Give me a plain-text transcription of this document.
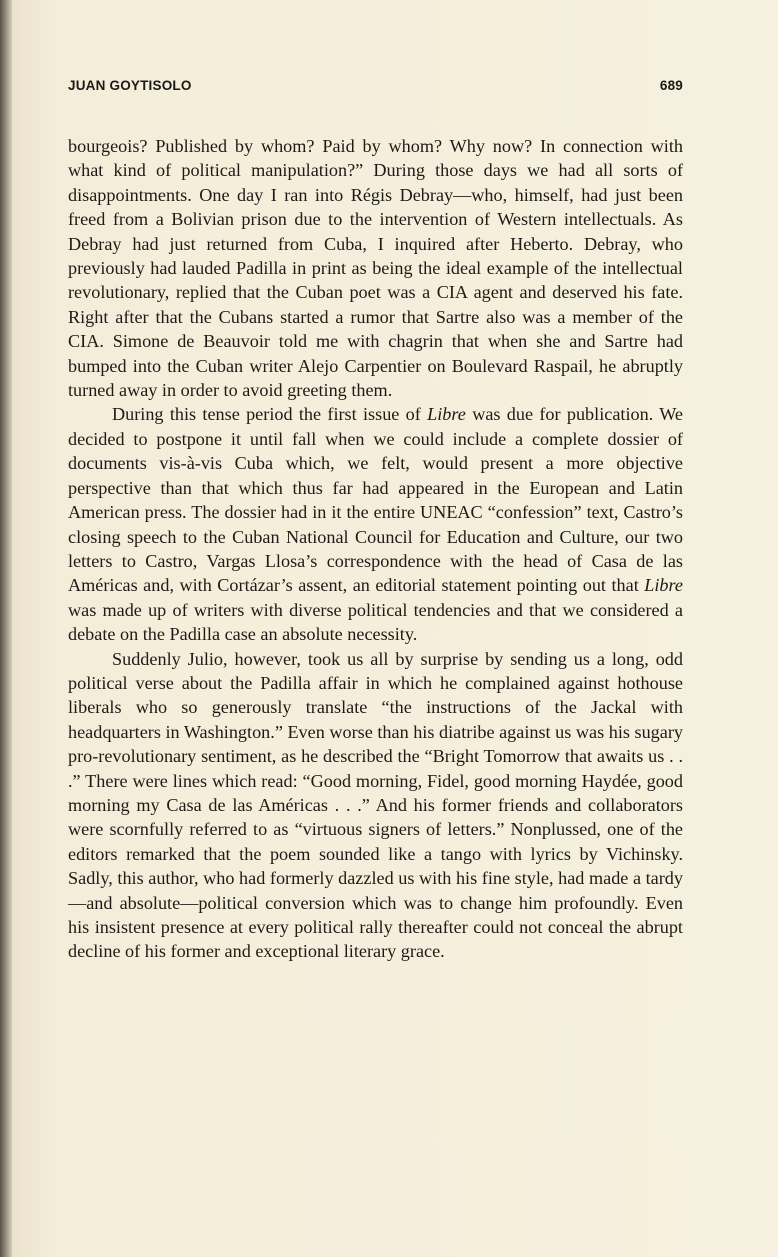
JUAN GOYTISOLO	689

bourgeois? Published by whom? Paid by whom? Why now? In connection with what kind of political manipulation?” During those days we had all sorts of disappointments. One day I ran into Régis Debray—who, himself, had just been freed from a Bolivian prison due to the intervention of Western intellectuals. As Debray had just returned from Cuba, I inquired after Heberto. Debray, who previously had lauded Padilla in print as being the ideal example of the intellectual revolutionary, replied that the Cuban poet was a CIA agent and deserved his fate. Right after that the Cubans started a rumor that Sartre also was a member of the CIA. Simone de Beauvoir told me with chagrin that when she and Sartre had bumped into the Cuban writer Alejo Carpentier on Boulevard Raspail, he abruptly turned away in order to avoid greeting them.

During this tense period the first issue of Libre was due for publication. We decided to postpone it until fall when we could include a complete dossier of documents vis-à-vis Cuba which, we felt, would present a more objective perspective than that which thus far had appeared in the European and Latin American press. The dossier had in it the entire UNEAC “confession” text, Castro’s closing speech to the Cuban National Council for Education and Culture, our two letters to Castro, Vargas Llosa’s correspondence with the head of Casa de las Américas and, with Cortázar’s assent, an editorial statement pointing out that Libre was made up of writers with diverse political tendencies and that we considered a debate on the Padilla case an absolute necessity.

Suddenly Julio, however, took us all by surprise by sending us a long, odd political verse about the Padilla affair in which he complained against hothouse liberals who so generously translate “the instructions of the Jackal with headquarters in Washington.” Even worse than his diatribe against us was his sugary pro-revolutionary sentiment, as he described the “Bright Tomorrow that awaits us . . .” There were lines which read: “Good morning, Fidel, good morning Haydée, good morning my Casa de las Américas . . .” And his former friends and collaborators were scornfully referred to as “virtuous signers of letters.” Nonplussed, one of the editors remarked that the poem sounded like a tango with lyrics by Vichinsky. Sadly, this author, who had formerly dazzled us with his fine style, had made a tardy—and absolute—political conversion which was to change him profoundly. Even his insistent presence at every political rally thereafter could not conceal the abrupt decline of his former and exceptional literary grace.
